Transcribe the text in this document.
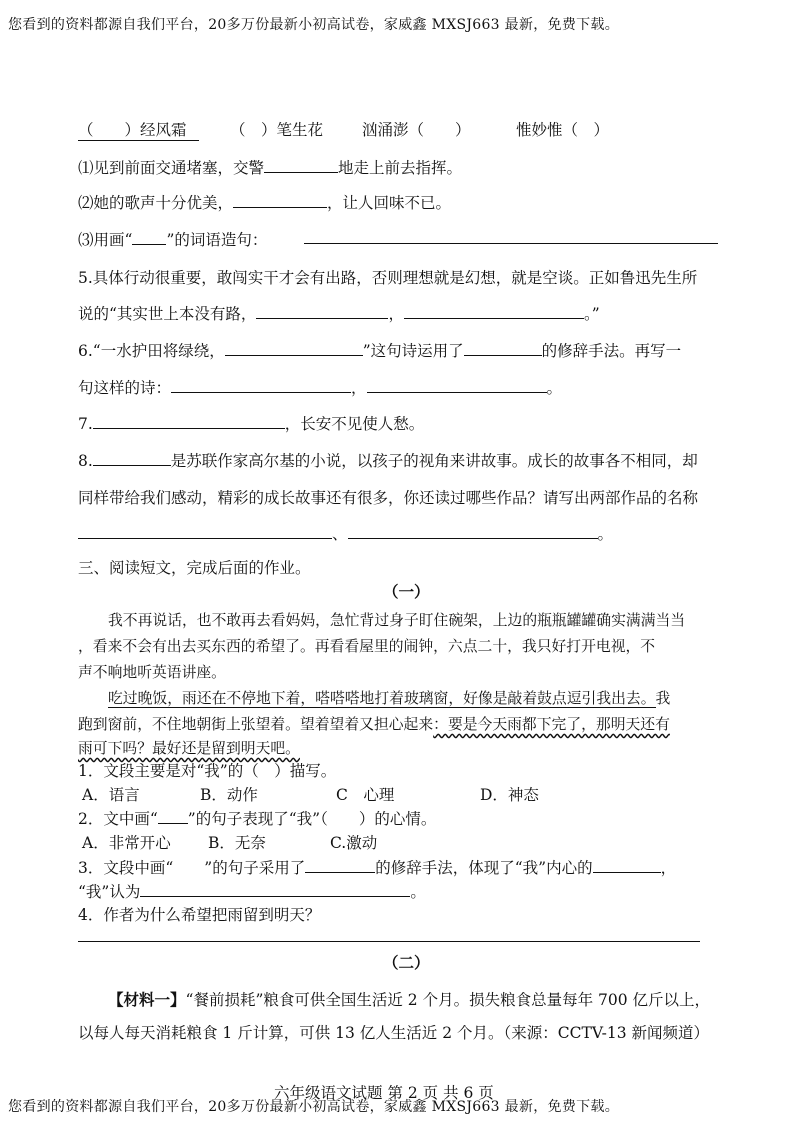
您看到的资料都源自我们平台，20多万份最新小初高试卷，家威鑫 MXSJ663 最新，免费下载。
（　　）经风霜	（　）笔生花	汹涌澎（　　）	惟妙惟（　）
⑴见到前面交通堵塞，交警	地走上前去指挥。
⑵她的歌声十分优美，	，让人回味不已。
⑶用画“ ”的词语造句：
5.具体行动很重要，敢闯实干才会有出路，否则理想就是幻想，就是空谈。正如鲁迅先生所
说的“其实世上本没有路，	，	。”
6.“一水护田将绿绕，	”这句诗运用了	的修辞手法。再写一
句这样的诗：	，	。
7.	，长安不见使人愁。
8.	是苏联作家高尔基的小说，以孩子的视角来讲故事。成长的故事各不相同，却
同样带给我们感动，精彩的成长故事还有很多，你还读过哪些作品？请写出两部作品的名称
、	。
三、阅读短文，完成后面的作业。
（一）
我不再说话，也不敢再去看妈妈，急忙背过身子盯住碗架，上边的瓶瓶罐罐确实满满当当
，看来不会有出去买东西的希望了。再看看屋里的闹钟，六点二十，我只好打开电视，不
声不响地听英语讲座。
吃过晚饭，雨还在不停地下着，嗒嗒嗒地打着玻璃窗，好像是敲着鼓点逗引我出去。我
跑到窗前，不住地朝街上张望着。望着望着又担心起来：要是今天雨都下完了，那明天还有
雨可下吗？最好还是留到明天吧。
1．文段主要是对“我”的（　）描写。
A．语言	B．动作	C　心理	D．神态
2．文中画“ ”的句子表现了“我”（　　）的心情。
A．非常开心 B．无奈	C.激动
3．文段中画“　　”的句子采用了	的修辞手法，体现了“我”内心的	，
“我”认为	。
4．作者为什么希望把雨留到明天？
（二）
【材料一】“餐前损耗”粮食可供全国生活近 2 个月。损失粮食总量每年 700 亿斤以上，
以每人每天消耗粮食 1 斤计算，可供 13 亿人生活近 2 个月。（来源：CCTV-13 新闻频道）
六年级语文试题 第 2 页 共 6 页
您看到的资料都源自我们平台，20多万份最新小初高试卷，家威鑫 MXSJ663 最新，免费下载。
